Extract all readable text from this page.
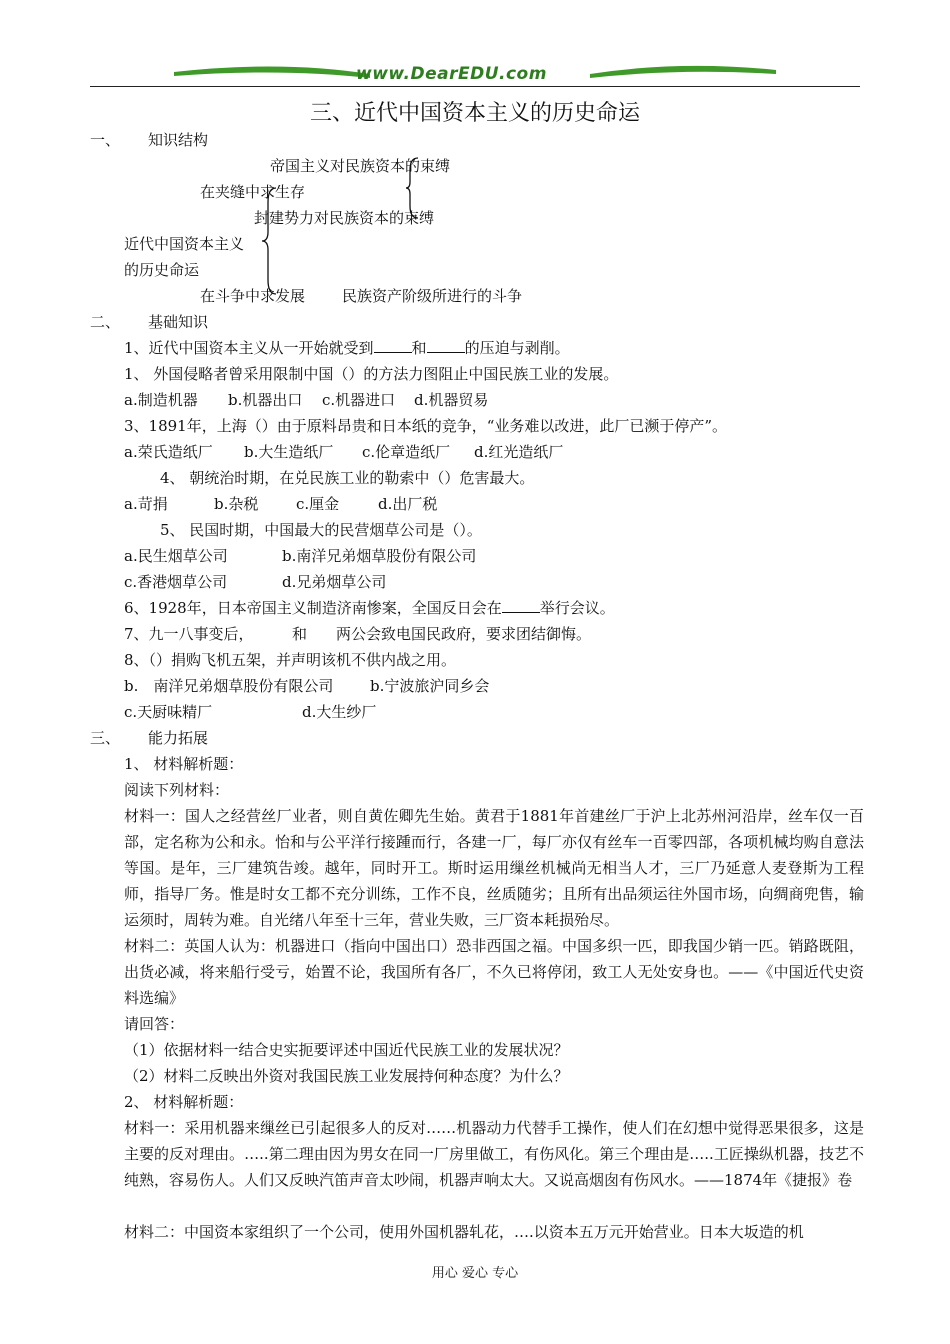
www.DearEDU.com
三、近代中国资本主义的历史命运
一、 知识结构
帝国主义对民族资本的束缚
在夹缝中求生存
封建势力对民族资本的束缚
近代中国资本主义
的历史命运
在斗争中求发展 民族资产阶级所进行的斗争
二、 基础知识
1、近代中国资本主义从一开始就受到	和	的压迫与剥削。
1、 外国侵略者曾采用限制中国（）的方法力图阻止中国民族工业的发展。
a.制造机器 b.机器出口 c.机器进口 d.机器贸易
3、1891年，上海（）由于原料昂贵和日本纸的竞争，“业务难以改进，此厂已濒于停产”。
a.荣氏造纸厂 b.大生造纸厂 c.伦章造纸厂 d.红光造纸厂
4、 朝统治时期，在兑民族工业的勒索中（）危害最大。
a.苛捐	b.杂税	c.厘金	d.出厂税
5、 民国时期，中国最大的民营烟草公司是（）。
a.民生烟草公司	b.南洋兄弟烟草股份有限公司
c.香港烟草公司	d.兄弟烟草公司
6、1928年，日本帝国主义制造济南惨案，全国反日会在	举行会议。
7、九一八事变后，	和 两公会致电国民政府，要求团结御悔。
8、（）捐购飞机五架，并声明该机不供内战之用。
b.　南洋兄弟烟草股份有限公司 b.宁波旅沪同乡会
c.天厨味精厂	d.大生纱厂
三、 能力拓展
1、 材料解析题：
阅读下列材料：
材料一：国人之经营丝厂业者，则自黄佐卿先生始。黄君于1881年首建丝厂于沪上北苏州河沿岸，丝车仅一百部，定名称为公和永。怡和与公平洋行接踵而行，各建一厂，每厂亦仅有丝车一百零四部，各项机械均购自意法等国。是年，三厂建筑告竣。越年，同时开工。斯时运用缫丝机械尚无相当人才，三厂乃延意人麦登斯为工程师，指导厂务。惟是时女工都不充分训练，工作不良，丝质随劣；且所有出品须运往外国市场，向绸商兜售，输运须时，周转为难。自光绪八年至十三年，营业失败，三厂资本耗损殆尽。
材料二：英国人认为：机器进口（指向中国出口）恐非西国之福。中国多织一匹，即我国少销一匹。销路既阻，出货必减，将来船行受亏，始置不论，我国所有各厂，不久已将停闭，致工人无处安身也。——《中国近代史资料选编》
请回答：
（1）依据材料一结合史实扼要评述中国近代民族工业的发展状况？
（2）材料二反映出外资对我国民族工业发展持何种态度？为什么？
2、 材料解析题：
材料一：采用机器来缫丝已引起很多人的反对……机器动力代替手工操作，使人们在幻想中觉得恶果很多，这是主要的反对理由。…..第二理由因为男女在同一厂房里做工，有伤风化。第三个理由是…..工匠操纵机器，技艺不纯熟，容易伤人。人们又反映汽笛声音太吵闹，机器声响太大。又说高烟囱有伤风水。——1874年《捷报》卷
材料二：中国资本家组织了一个公司，使用外国机器轧花，….以资本五万元开始营业。日本大坂造的机
用心 爱心 专心
